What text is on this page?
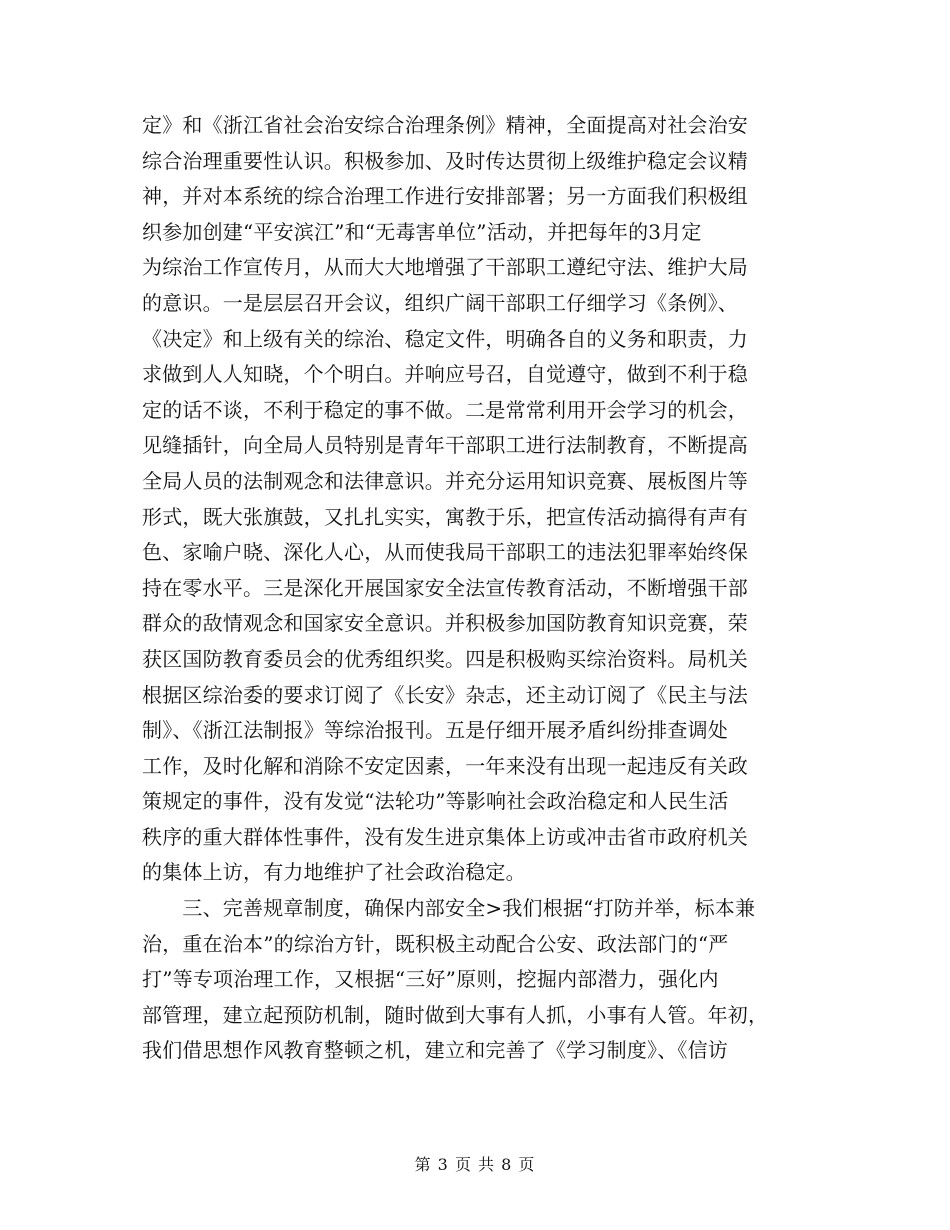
定》和《浙江省社会治安综合治理条例》精神，全面提高对社会治安
综合治理重要性认识。积极参加、及时传达贯彻上级维护稳定会议精
神，并对本系统的综合治理工作进行安排部署；另一方面我们积极组
织参加创建“平安滨江”和“无毒害单位”活动，并把每年的3月定
为综治工作宣传月，从而大大地增强了干部职工遵纪守法、维护大局
的意识。一是层层召开会议，组织广阔干部职工仔细学习《条例》、
《决定》和上级有关的综治、稳定文件，明确各自的义务和职责，力
求做到人人知晓，个个明白。并响应号召，自觉遵守，做到不利于稳
定的话不谈，不利于稳定的事不做。二是常常利用开会学习的机会，
见缝插针，向全局人员特别是青年干部职工进行法制教育，不断提高
全局人员的法制观念和法律意识。并充分运用知识竞赛、展板图片等
形式，既大张旗鼓，又扎扎实实，寓教于乐，把宣传活动搞得有声有
色、家喻户晓、深化人心，从而使我局干部职工的违法犯罪率始终保
持在零水平。三是深化开展国家安全法宣传教育活动，不断增强干部
群众的敌情观念和国家安全意识。并积极参加国防教育知识竞赛，荣
获区国防教育委员会的优秀组织奖。四是积极购买综治资料。局机关
根据区综治委的要求订阅了《长安》杂志，还主动订阅了《民主与法
制》、《浙江法制报》等综治报刊。五是仔细开展矛盾纠纷排查调处
工作，及时化解和消除不安定因素，一年来没有出现一起违反有关政
策规定的事件，没有发觉“法轮功”等影响社会政治稳定和人民生活
秩序的重大群体性事件，没有发生进京集体上访或冲击省市政府机关
的集体上访，有力地维护了社会政治稳定。
　　三、完善规章制度，确保内部安全>我们根据“打防并举，标本兼
治，重在治本”的综治方针，既积极主动配合公安、政法部门的“严
打”等专项治理工作，又根据“三好”原则，挖掘内部潜力，强化内
部管理，建立起预防机制，随时做到大事有人抓，小事有人管。年初，
我们借思想作风教育整顿之机，建立和完善了《学习制度》、《信访
第 3 页 共 8 页
